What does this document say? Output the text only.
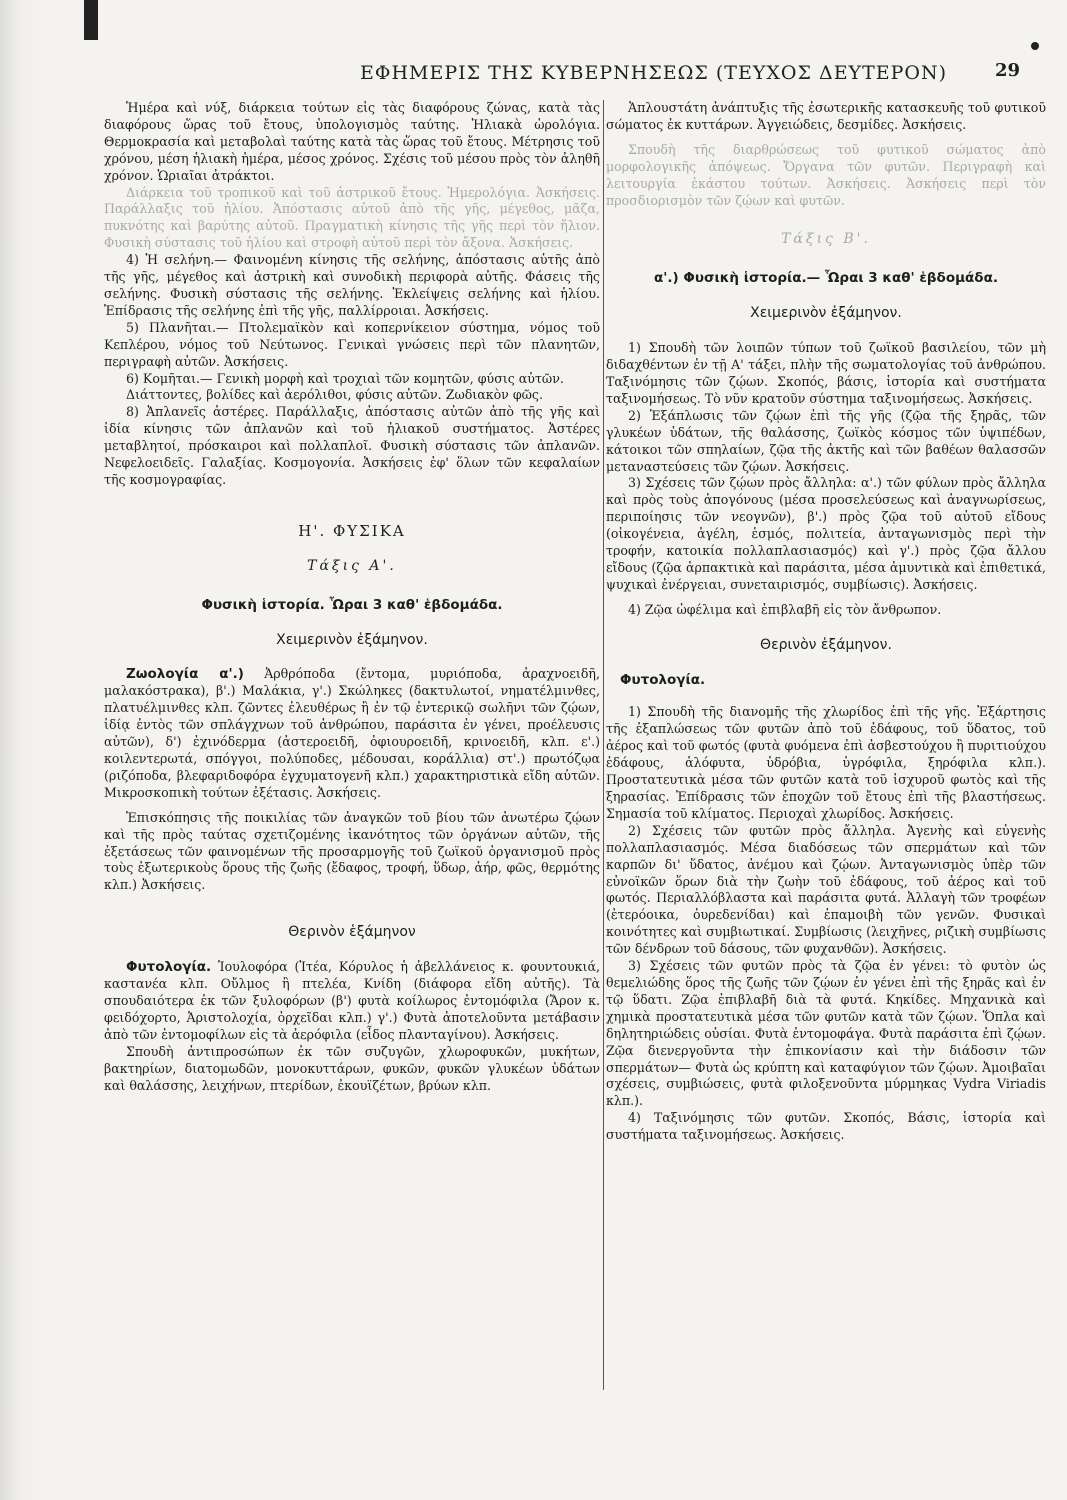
ΕΦΗΜΕΡΙΣ ΤΗΣ ΚΥΒΕΡΝΗΣΕΩΣ (ΤΕΥΧΟΣ ΔΕΥΤΕΡΟΝ)	29

Ἡμέρα καὶ νύξ, διάρκεια τούτων εἰς τὰς διαφόρους ζώνας, κατὰ τὰς διαφόρους ὥρας τοῦ ἔτους, ὑπολογισμὸς ταύτης. Ἡλιακὰ ὡρολόγια. Θερμοκρασία καὶ μεταβολαὶ ταύτης κατὰ τὰς ὥρας τοῦ ἔτους. Μέτρησις τοῦ χρόνου, μέση ἡλιακὴ ἡμέρα, μέσος χρόνος. Σχέσις τοῦ μέσου πρὸς τὸν ἀληθῆ χρόνον. Ὡριαῖαι ἀτράκτοι.

Διάρκεια τοῦ τροπικοῦ καὶ τοῦ ἀστρικοῦ ἔτους. Ἡμερολόγια. Ἀσκήσεις. Παράλλαξις τοῦ ἡλίου. Ἀπόστασις αὐτοῦ ἀπὸ τῆς γῆς, μέγεθος, μᾶζα, πυκνότης καὶ βαρύτης αὐτοῦ. Πραγματικὴ κίνησις τῆς γῆς περὶ τὸν ἥλιον. Φυσικὴ σύστασις τοῦ ἡλίου καὶ στροφὴ αὐτοῦ περὶ τὸν ἄξονα. Ἀσκήσεις.

4) Ἡ σελήνη.— Φαινομένη κίνησις τῆς σελήνης, ἀπόστασις αὐτῆς ἀπὸ τῆς γῆς, μέγεθος καὶ ἀστρικὴ καὶ συνοδικὴ περιφορὰ αὐτῆς. Φάσεις τῆς σελήνης. Φυσικὴ σύστασις τῆς σελήνης. Ἐκλείψεις σελήνης καὶ ἡλίου. Ἐπίδρασις τῆς σελήνης ἐπὶ τῆς γῆς, παλλίρροιαι. Ἀσκήσεις.

5) Πλανῆται.— Πτολεμαϊκὸν καὶ κοπερνίκειον σύστημα, νόμος τοῦ Κεπλέρου, νόμος τοῦ Νεύτωνος. Γενικαὶ γνώσεις περὶ τῶν πλανητῶν, περιγραφὴ αὐτῶν. Ἀσκήσεις.

6) Κομῆται.— Γενικὴ μορφὴ καὶ τροχιαὶ τῶν κομητῶν, φύσις αὐτῶν.

Διάττοντες, βολίδες καὶ ἀερόλιθοι, φύσις αὐτῶν. Ζωδιακὸν φῶς.

8) Ἀπλανεῖς ἀστέρες. Παράλλαξις, ἀπόστασις αὐτῶν ἀπὸ τῆς γῆς καὶ ἰδία κίνησις τῶν ἀπλανῶν καὶ τοῦ ἡλιακοῦ συστήματος. Ἀστέρες μεταβλητοί, πρόσκαιροι καὶ πολλαπλοῖ. Φυσικὴ σύστασις τῶν ἀπλανῶν. Νεφελοειδεῖς. Γαλαξίας. Κοσμογονία. Ἀσκήσεις ἐφ' ὅλων τῶν κεφαλαίων τῆς κοσμογραφίας.

Η'. ΦΥΣΙΚΑ
Τάξις Α'.
Φυσικὴ ἱστορία. Ὧραι 3 καθ' ἑβδομάδα.
Χειμερινὸν ἑξάμηνον.

Ζωολογία α'.) Ἀρθρόποδα (ἔντομα, μυριόποδα, ἀραχνοειδῆ, μαλακόστρακα), β'.) Μαλάκια, γ'.) Σκώληκες (δακτυλωτοί, νηματέλμινθες, πλατυέλμινθες κλπ. ζῶντες ἐλευθέρως ἢ ἐν τῷ ἐντερικῷ σωλῆνι τῶν ζῴων, ἰδίᾳ ἐντὸς τῶν σπλάγχνων τοῦ ἀνθρώπου, παράσιτα ἐν γένει, προέλευσις αὐτῶν), δ') ἐχινόδερμα (ἀστεροειδῆ, ὀφιουροειδῆ, κρινοειδῆ, κλπ. ε'.) κοιλεντερωτά, σπόγγοι, πολύποδες, μέδουσαι, κοράλλια) στ'.) πρωτόζῳα (ριζόποδα, βλεφαριδοφόρα ἐγχυματογενῆ κλπ.) χαρακτηριστικὰ εἴδη αὐτῶν. Μικροσκοπικὴ τούτων ἐξέτασις. Ἀσκήσεις.

Ἐπισκόπησις τῆς ποικιλίας τῶν ἀναγκῶν τοῦ βίου τῶν ἀνωτέρω ζῴων καὶ τῆς πρὸς ταύτας σχετιζομένης ἱκανότητος τῶν ὀργάνων αὐτῶν, τῆς ἐξετάσεως τῶν φαινομένων τῆς προσαρμογῆς τοῦ ζωϊκοῦ ὀργανισμοῦ πρὸς τοὺς ἐξωτερικοὺς ὅρους τῆς ζωῆς (ἔδαφος, τροφή, ὕδωρ, ἀήρ, φῶς, θερμότης κλπ.) Ἀσκήσεις.

Θερινὸν ἑξάμηνον

Φυτολογία. Ἰουλοφόρα (Ἰτέα, Κόρυλος ἡ ἀβελλάνειος κ. φουντουκιά, καστανέα κλπ. Οὔλμος ἢ πτελέα, Κνίδη (διάφορα εἴδη αὐτῆς). Τὰ σπουδαιότερα ἐκ τῶν ξυλοφόρων (β') φυτὰ κοίλωρος ἐντομόφιλα (Ἄρον κ. φειδόχορτο, Ἀριστολοχία, ὀρχεῖδαι κλπ.) γ'.) Φυτὰ ἀποτελοῦντα μετάβασιν ἀπὸ τῶν ἐντομοφίλων εἰς τὰ ἀερόφιλα (εἶδος πλανταγίνου). Ἀσκήσεις.

Σπουδὴ ἀντιπροσώπων ἐκ τῶν συζυγῶν, χλωροφυκῶν, μυκήτων, βακτηρίων, διατομωδῶν, μονοκυττάρων, φυκῶν, φυκῶν γλυκέων ὑδάτων καὶ θαλάσσης, λειχήνων, πτερίδων, ἐκουϊζέτων, βρύων κλπ.

Ἁπλουστάτη ἀνάπτυξις τῆς ἐσωτερικῆς κατασκευῆς τοῦ φυτικοῦ σώματος ἐκ κυττάρων. Ἀγγειώδεις, δεσμίδες. Ἀσκήσεις.

Σπουδὴ τῆς διαρθρώσεως τοῦ φυτικοῦ σώματος ἀπὸ μορφολογικῆς ἀπόψεως. Ὄργανα τῶν φυτῶν. Περιγραφὴ καὶ λειτουργία ἑκάστου τούτων. Ἀσκήσεις. Ἀσκήσεις περὶ τὸν προσδιορισμὸν τῶν ζῴων καὶ φυτῶν.

Τάξις Β'.
α'.) Φυσικὴ ἱστορία.— Ὧραι 3 καθ' ἑβδομάδα.
Χειμερινὸν ἑξάμηνον.

1) Σπουδὴ τῶν λοιπῶν τύπων τοῦ ζωϊκοῦ βασιλείου, τῶν μὴ διδαχθέντων ἐν τῇ Α' τάξει, πλὴν τῆς σωματολογίας τοῦ ἀνθρώπου. Ταξινόμησις τῶν ζῴων. Σκοπός, βάσις, ἱστορία καὶ συστήματα ταξινομήσεως. Τὸ νῦν κρατοῦν σύστημα ταξινομήσεως. Ἀσκήσεις.

2) Ἐξάπλωσις τῶν ζῴων ἐπὶ τῆς γῆς (ζῷα τῆς ξηρᾶς, τῶν γλυκέων ὑδάτων, τῆς θαλάσσης, ζωϊκὸς κόσμος τῶν ὑψιπέδων, κάτοικοι τῶν σπηλαίων, ζῷα τῆς ἀκτῆς καὶ τῶν βαθέων θαλασσῶν μεταναστεύσεις τῶν ζῴων. Ἀσκήσεις.

3) Σχέσεις τῶν ζῴων πρὸς ἄλληλα: α'.) τῶν φύλων πρὸς ἄλληλα καὶ πρὸς τοὺς ἀπογόνους (μέσα προσελεύσεως καὶ ἀναγνωρίσεως, περιποίησις τῶν νεογνῶν), β'.) πρὸς ζῷα τοῦ αὐτοῦ εἴδους (οἰκογένεια, ἀγέλη, ἑσμός, πολιτεία, ἀνταγωνισμὸς περὶ τὴν τροφήν, κατοικία πολλαπλασιασμός) καὶ γ'.) πρὸς ζῷα ἄλλου εἴδους (ζῷα ἁρπακτικὰ καὶ παράσιτα, μέσα ἀμυντικὰ καὶ ἐπιθετικά, ψυχικαὶ ἐνέργειαι, συνεταιρισμός, συμβίωσις). Ἀσκήσεις.

4) Ζῷα ὠφέλιμα καὶ ἐπιβλαβῆ εἰς τὸν ἄνθρωπον.

Θερινὸν ἑξάμηνον.
Φυτολογία.

1) Σπουδὴ τῆς διανομῆς τῆς χλωρίδος ἐπὶ τῆς γῆς. Ἐξάρτησις τῆς ἐξαπλώσεως τῶν φυτῶν ἀπὸ τοῦ ἐδάφους, τοῦ ὕδατος, τοῦ ἀέρος καὶ τοῦ φωτός (φυτὰ φυόμενα ἐπὶ ἀσβεστούχου ἢ πυριτιούχου ἐδάφους, ἁλόφυτα, ὑδρόβια, ὑγρόφιλα, ξηρόφιλα κλπ.). Προστατευτικὰ μέσα τῶν φυτῶν κατὰ τοῦ ἰσχυροῦ φωτὸς καὶ τῆς ξηρασίας. Ἐπίδρασις τῶν ἐποχῶν τοῦ ἔτους ἐπὶ τῆς βλαστήσεως. Σημασία τοῦ κλίματος. Περιοχαὶ χλωρίδος. Ἀσκήσεις.

2) Σχέσεις τῶν φυτῶν πρὸς ἄλληλα. Ἀγενὴς καὶ εὐγενὴς πολλαπλασιασμός. Μέσα διαδόσεως τῶν σπερμάτων καὶ τῶν καρπῶν δι' ὕδατος, ἀνέμου καὶ ζῴων. Ἀνταγωνισμὸς ὑπὲρ τῶν εὐνοϊκῶν ὅρων διὰ τὴν ζωὴν τοῦ ἐδάφους, τοῦ ἀέρος καὶ τοῦ φωτός. Περιαλλόβλαστα καὶ παράσιτα φυτά. Ἀλλαγὴ τῶν τροφέων (ἑτερόοικα, ὀυρεδενίδαι) καὶ ἐπαμοιβὴ τῶν γενῶν. Φυσικαὶ κοινότητες καὶ συμβιωτικαί. Συμβίωσις (λειχῆνες, ριζικὴ συμβίωσις τῶν δένδρων τοῦ δάσους, τῶν φυχανθῶν). Ἀσκήσεις.

3) Σχέσεις τῶν φυτῶν πρὸς τὰ ζῷα ἐν γένει: τὸ φυτὸν ὡς θεμελιώδης ὅρος τῆς ζωῆς τῶν ζῴων ἐν γένει ἐπὶ τῆς ξηρᾶς καὶ ἐν τῷ ὕδατι. Ζῷα ἐπιβλαβῆ διὰ τὰ φυτά. Κηκίδες. Μηχανικὰ καὶ χημικὰ προστατευτικὰ μέσα τῶν φυτῶν κατὰ τῶν ζῴων. Ὅπλα καὶ δηλητηριώδεις οὐσίαι. Φυτὰ ἐντομοφάγα. Φυτὰ παράσιτα ἐπὶ ζῴων. Ζῷα διενεργοῦντα τὴν ἐπικονίασιν καὶ τὴν διάδοσιν τῶν σπερμάτων— Φυτὰ ὡς κρύπτη καὶ καταφύγιον τῶν ζῴων. Ἀμοιβαῖαι σχέσεις, συμβιώσεις, φυτὰ φιλοξενοῦντα μύρμηκας Vydra Viriadis κλπ.).

4) Ταξινόμησις τῶν φυτῶν. Σκοπός, Βάσις, ἱστορία καὶ συστήματα ταξινομήσεως. Ἀσκήσεις.
